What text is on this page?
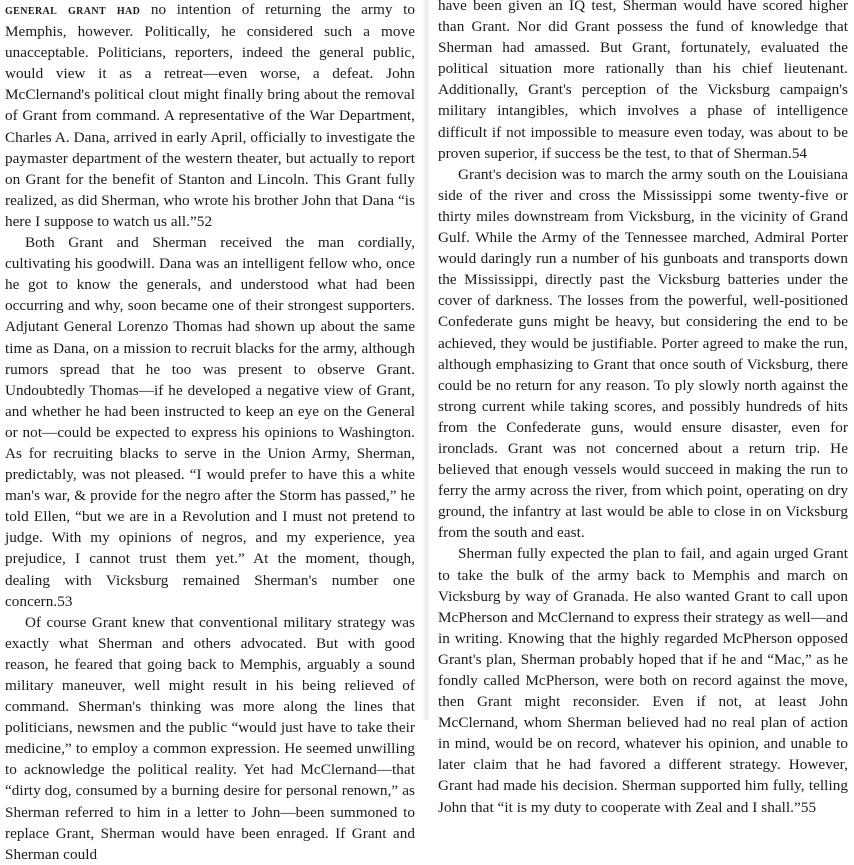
general grant had no intention of returning the army to Memphis, however. Politically, he considered such a move unacceptable. Politicians, reporters, indeed the general public, would view it as a retreat—even worse, a defeat. John McClernand's political clout might finally bring about the removal of Grant from command. A representative of the War Department, Charles A. Dana, arrived in early April, officially to investigate the paymaster department of the western theater, but actually to report on Grant for the benefit of Stanton and Lincoln. This Grant fully realized, as did Sherman, who wrote his brother John that Dana “is here I suppose to watch us all.”52

Both Grant and Sherman received the man cordially, cultivating his goodwill. Dana was an intelligent fellow who, once he got to know the generals, and understood what had been occurring and why, soon became one of their strongest supporters. Adjutant General Lorenzo Thomas had shown up about the same time as Dana, on a mission to recruit blacks for the army, although rumors spread that he too was present to observe Grant. Undoubtedly Thomas—if he developed a negative view of Grant, and whether he had been instructed to keep an eye on the General or not—could be expected to express his opinions to Washington. As for recruiting blacks to serve in the Union Army, Sherman, predictably, was not pleased. “I would prefer to have this a white man's war, & provide for the negro after the Storm has passed,” he told Ellen, “but we are in a Revolution and I must not pretend to judge. With my opinions of negros, and my experience, yea prejudice, I cannot trust them yet.” At the moment, though, dealing with Vicksburg remained Sherman's number one concern.53

Of course Grant knew that conventional military strategy was exactly what Sherman and others advocated. But with good reason, he feared that going back to Memphis, arguably a sound military maneuver, well might result in his being relieved of command. Sherman's thinking was more along the lines that politicians, newsmen and the public “would just have to take their medicine,” to employ a common expression. He seemed unwilling to acknowledge the political reality. Yet had McClernand—that “dirty dog, consumed by a burning desire for personal renown,” as Sherman referred to him in a letter to John—been summoned to replace Grant, Sherman would have been enraged. If Grant and Sherman could

have been given an IQ test, Sherman would have scored higher than Grant. Nor did Grant possess the fund of knowledge that Sherman had amassed. But Grant, fortunately, evaluated the political situation more rationally than his chief lieutenant. Additionally, Grant's perception of the Vicksburg campaign's military intangibles, which involves a phase of intelligence difficult if not impossible to measure even today, was about to be proven superior, if success be the test, to that of Sherman.54

Grant's decision was to march the army south on the Louisiana side of the river and cross the Mississippi some twenty-five or thirty miles downstream from Vicksburg, in the vicinity of Grand Gulf. While the Army of the Tennessee marched, Admiral Porter would daringly run a number of his gunboats and transports down the Mississippi, directly past the Vicksburg batteries under the cover of darkness. The losses from the powerful, well-positioned Confederate guns might be heavy, but considering the end to be achieved, they would be justifiable. Porter agreed to make the run, although emphasizing to Grant that once south of Vicksburg, there could be no return for any reason. To ply slowly north against the strong current while taking scores, and possibly hundreds of hits from the Confederate guns, would ensure disaster, even for ironclads. Grant was not concerned about a return trip. He believed that enough vessels would succeed in making the run to ferry the army across the river, from which point, operating on dry ground, the infantry at last would be able to close in on Vicksburg from the south and east.

Sherman fully expected the plan to fail, and again urged Grant to take the bulk of the army back to Memphis and march on Vicksburg by way of Granada. He also wanted Grant to call upon McPherson and McClernand to express their strategy as well—and in writing. Knowing that the highly regarded McPherson opposed Grant's plan, Sherman probably hoped that if he and “Mac,” as he fondly called McPherson, were both on record against the move, then Grant might reconsider. Even if not, at least John McClernand, whom Sherman believed had no real plan of action in mind, would be on record, whatever his opinion, and unable to later claim that he had favored a different strategy. However, Grant had made his decision. Sherman supported him fully, telling John that “it is my duty to cooperate with Zeal and I shall.”55
